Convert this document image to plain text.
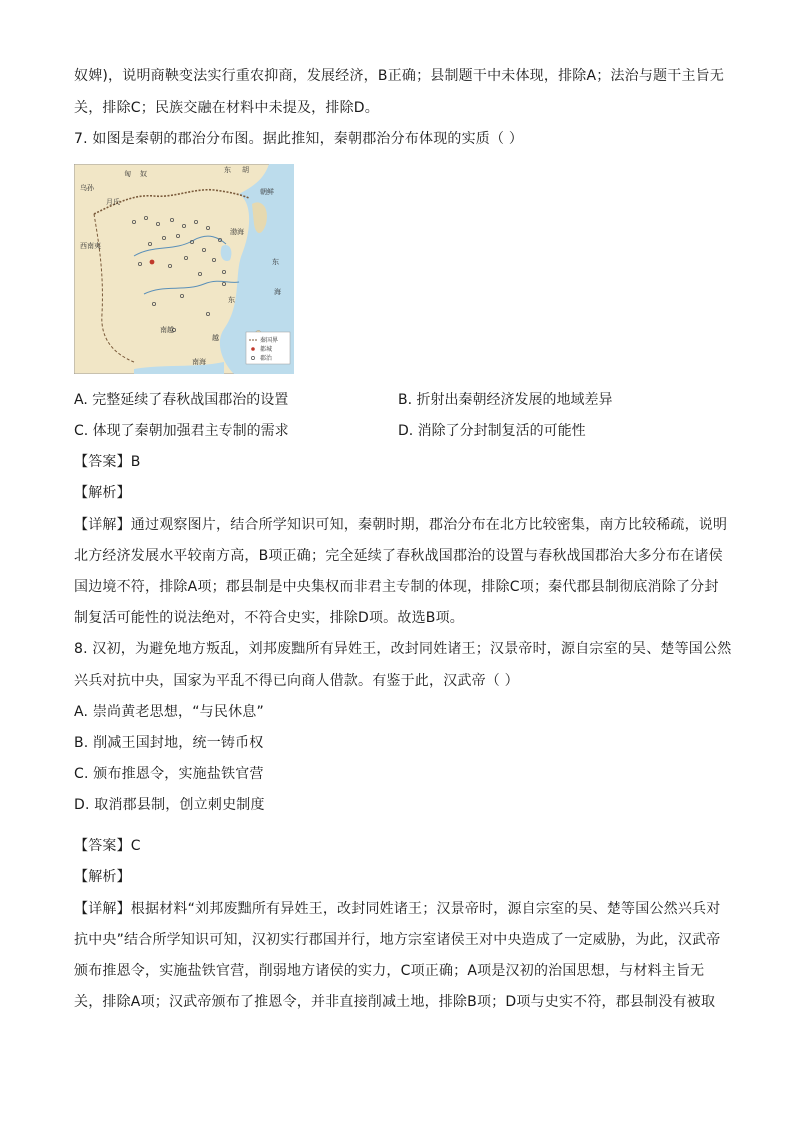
奴婢)，说明商鞅变法实行重农抑商，发展经济，B正确；县制题干中未体现，排除A；法治与题干主旨无
关，排除C；民族交融在材料中未提及，排除D。
7. 如图是秦朝的郡治分布图。据此推知，秦朝郡治分布体现的实质（ ）
匈 奴	东 胡
乌孙
月氏
朝鲜
渤海
东
海
西南夷
东
南越
越
南海
秦国界
都城
郡治
A. 完整延续了春秋战国郡治的设置	B. 折射出秦朝经济发展的地域差异
C. 体现了秦朝加强君主专制的需求	D. 消除了分封制复活的可能性
【答案】B
【解析】
【详解】通过观察图片，结合所学知识可知，秦朝时期，郡治分布在北方比较密集，南方比较稀疏，说明
北方经济发展水平较南方高，B项正确；完全延续了春秋战国郡治的设置与春秋战国郡治大多分布在诸侯
国边境不符，排除A项；郡县制是中央集权而非君主专制的体现，排除C项；秦代郡县制彻底消除了分封
制复活可能性的说法绝对，不符合史实，排除D项。故选B项。
8. 汉初，为避免地方叛乱，刘邦废黜所有异姓王，改封同姓诸王；汉景帝时，源自宗室的吴、楚等国公然
兴兵对抗中央，国家为平乱不得已向商人借款。有鉴于此，汉武帝（ ）
A. 崇尚黄老思想，“与民休息”
B. 削减王国封地，统一铸币权
C. 颁布推恩令，实施盐铁官营
D. 取消郡县制，创立刺史制度
【答案】C
【解析】
【详解】根据材料“刘邦废黜所有异姓王，改封同姓诸王；汉景帝时，源自宗室的吴、楚等国公然兴兵对
抗中央”结合所学知识可知，汉初实行郡国并行，地方宗室诸侯王对中央造成了一定威胁，为此，汉武帝
颁布推恩令，实施盐铁官营，削弱地方诸侯的实力，C项正确；A项是汉初的治国思想，与材料主旨无
关，排除A项；汉武帝颁布了推恩令，并非直接削减土地，排除B项；D项与史实不符，郡县制没有被取
